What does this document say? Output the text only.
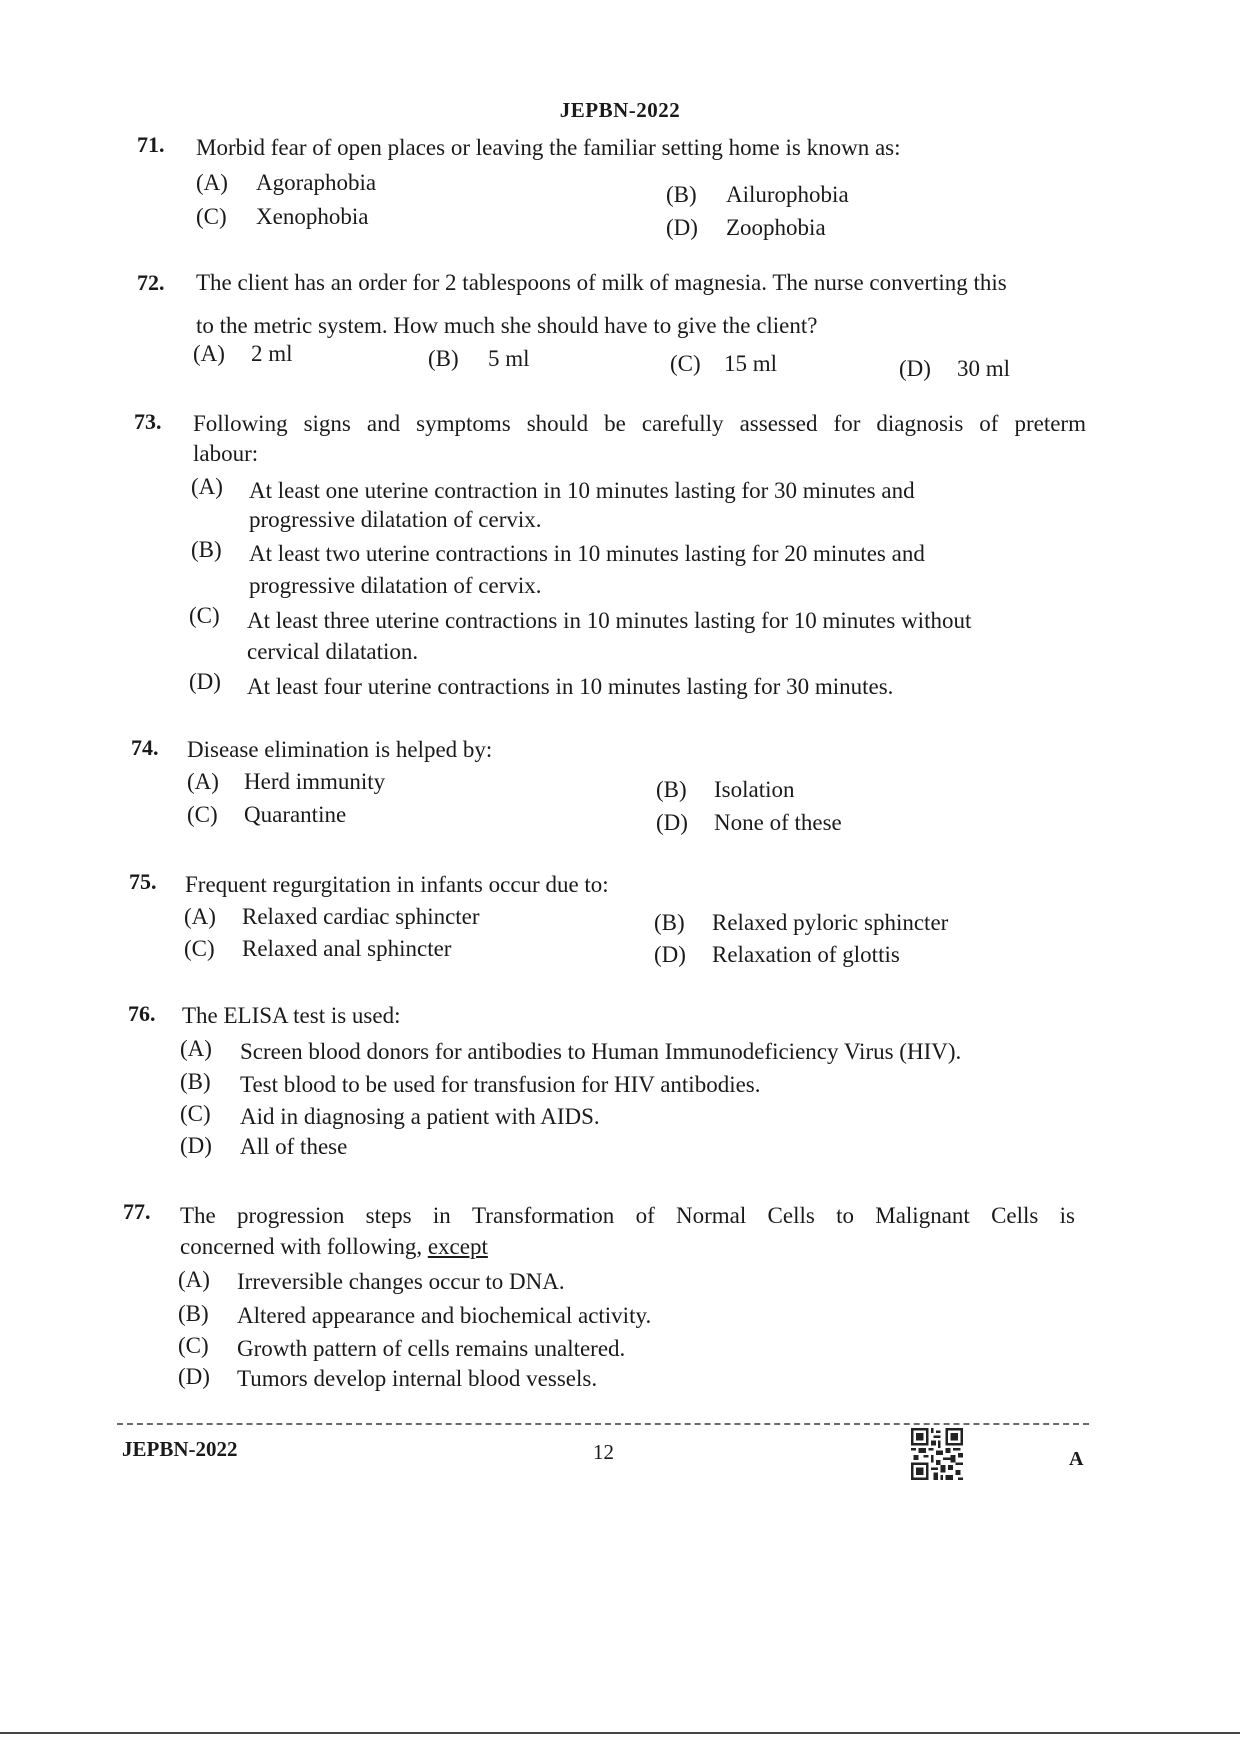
JEPBN-2022
71. Morbid fear of open places or leaving the familiar setting home is known as:
(A) Agoraphobia	(B) Ailurophobia
(C) Xenophobia	(D) Zoophobia
72. The client has an order for 2 tablespoons of milk of magnesia. The nurse converting this
to the metric system. How much she should have to give the client?
(A) 2 ml	(B) 5 ml	(C) 15 ml	(D) 30 ml
73. Following signs and symptoms should be carefully assessed for diagnosis of preterm
labour:
(A) At least one uterine contraction in 10 minutes lasting for 30 minutes and
progressive dilatation of cervix.
(B) At least two uterine contractions in 10 minutes lasting for 20 minutes and
progressive dilatation of cervix.
(C) At least three uterine contractions in 10 minutes lasting for 10 minutes without
cervical dilatation.
(D) At least four uterine contractions in 10 minutes lasting for 30 minutes.
74. Disease elimination is helped by:
(A) Herd immunity	(B) Isolation
(C) Quarantine	(D) None of these
75. Frequent regurgitation in infants occur due to:
(A) Relaxed cardiac sphincter	(B) Relaxed pyloric sphincter
(C) Relaxed anal sphincter	(D) Relaxation of glottis
76. The ELISA test is used:
(A) Screen blood donors for antibodies to Human Immunodeficiency Virus (HIV).
(B) Test blood to be used for transfusion for HIV antibodies.
(C) Aid in diagnosing a patient with AIDS.
(D) All of these
77. The progression steps in Transformation of Normal Cells to Malignant Cells is
concerned with following, except
(A) Irreversible changes occur to DNA.
(B) Altered appearance and biochemical activity.
(C) Growth pattern of cells remains unaltered.
(D) Tumors develop internal blood vessels.
JEPBN-2022	12	A
